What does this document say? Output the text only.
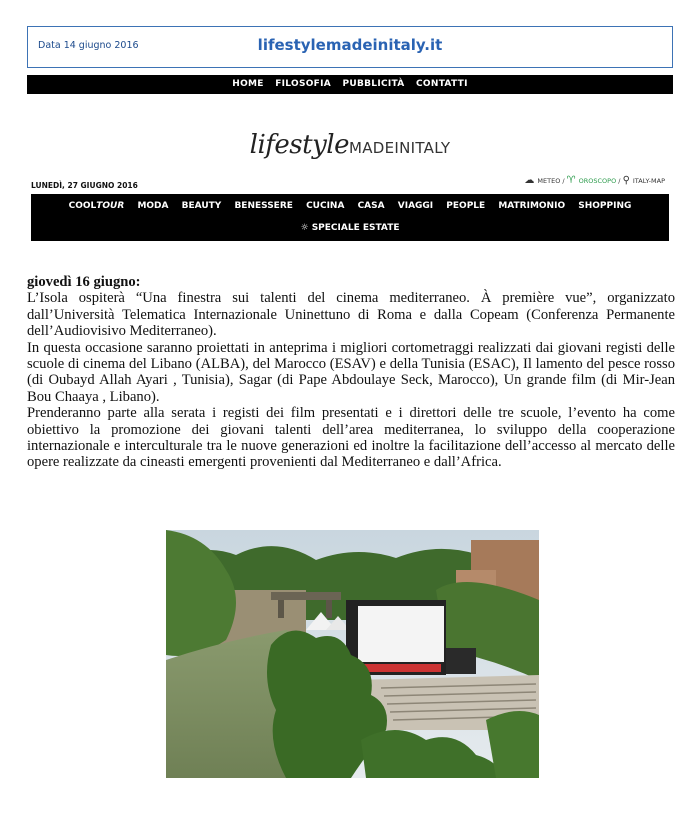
Data 14 giugno 2016	lifestylemadeinitaly.it
HOME FILOSOFIA PUBBLICITÀ CONTATTI
lifestyleMADEINITALY
LUNEDÌ, 27 GIUGNO 2016	☁ METEO / ♈ OROSCOPO / ⚲ ITALY-MAP
COOLTOUR MODA BEAUTY BENESSERE CUCINA CASA VIAGGI PEOPLE MATRIMONIO SHOPPING
☼ SPECIALE ESTATE

giovedì 16 giugno:

L’Isola ospiterà “Una finestra sui talenti del cinema mediterraneo. À première vue”, organizzato dall’Università Telematica Internazionale Uninettuno di Roma e dalla Copeam (Conferenza Permanente dell’Audiovisivo Mediterraneo).

In questa occasione saranno proiettati in anteprima i migliori cortometraggi realizzati dai giovani registi delle scuole di cinema del Libano (ALBA), del Marocco (ESAV) e della Tunisia (ESAC), Il lamento del pesce rosso (di Oubayd Allah Ayari , Tunisia), Sagar (di Pape Abdoulaye Seck, Marocco), Un grande film (di Mir-Jean Bou Chaaya , Libano).

Prenderanno parte alla serata i registi dei film presentati e i direttori delle tre scuole, l’evento ha come obiettivo la promozione dei giovani talenti dell’area mediterranea, lo sviluppo della cooperazione internazionale e interculturale tra le nuove generazioni ed inoltre la facilitazione dell’accesso al mercato delle opere realizzate da cineasti emergenti provenienti dal Mediterraneo e dall’Africa.
